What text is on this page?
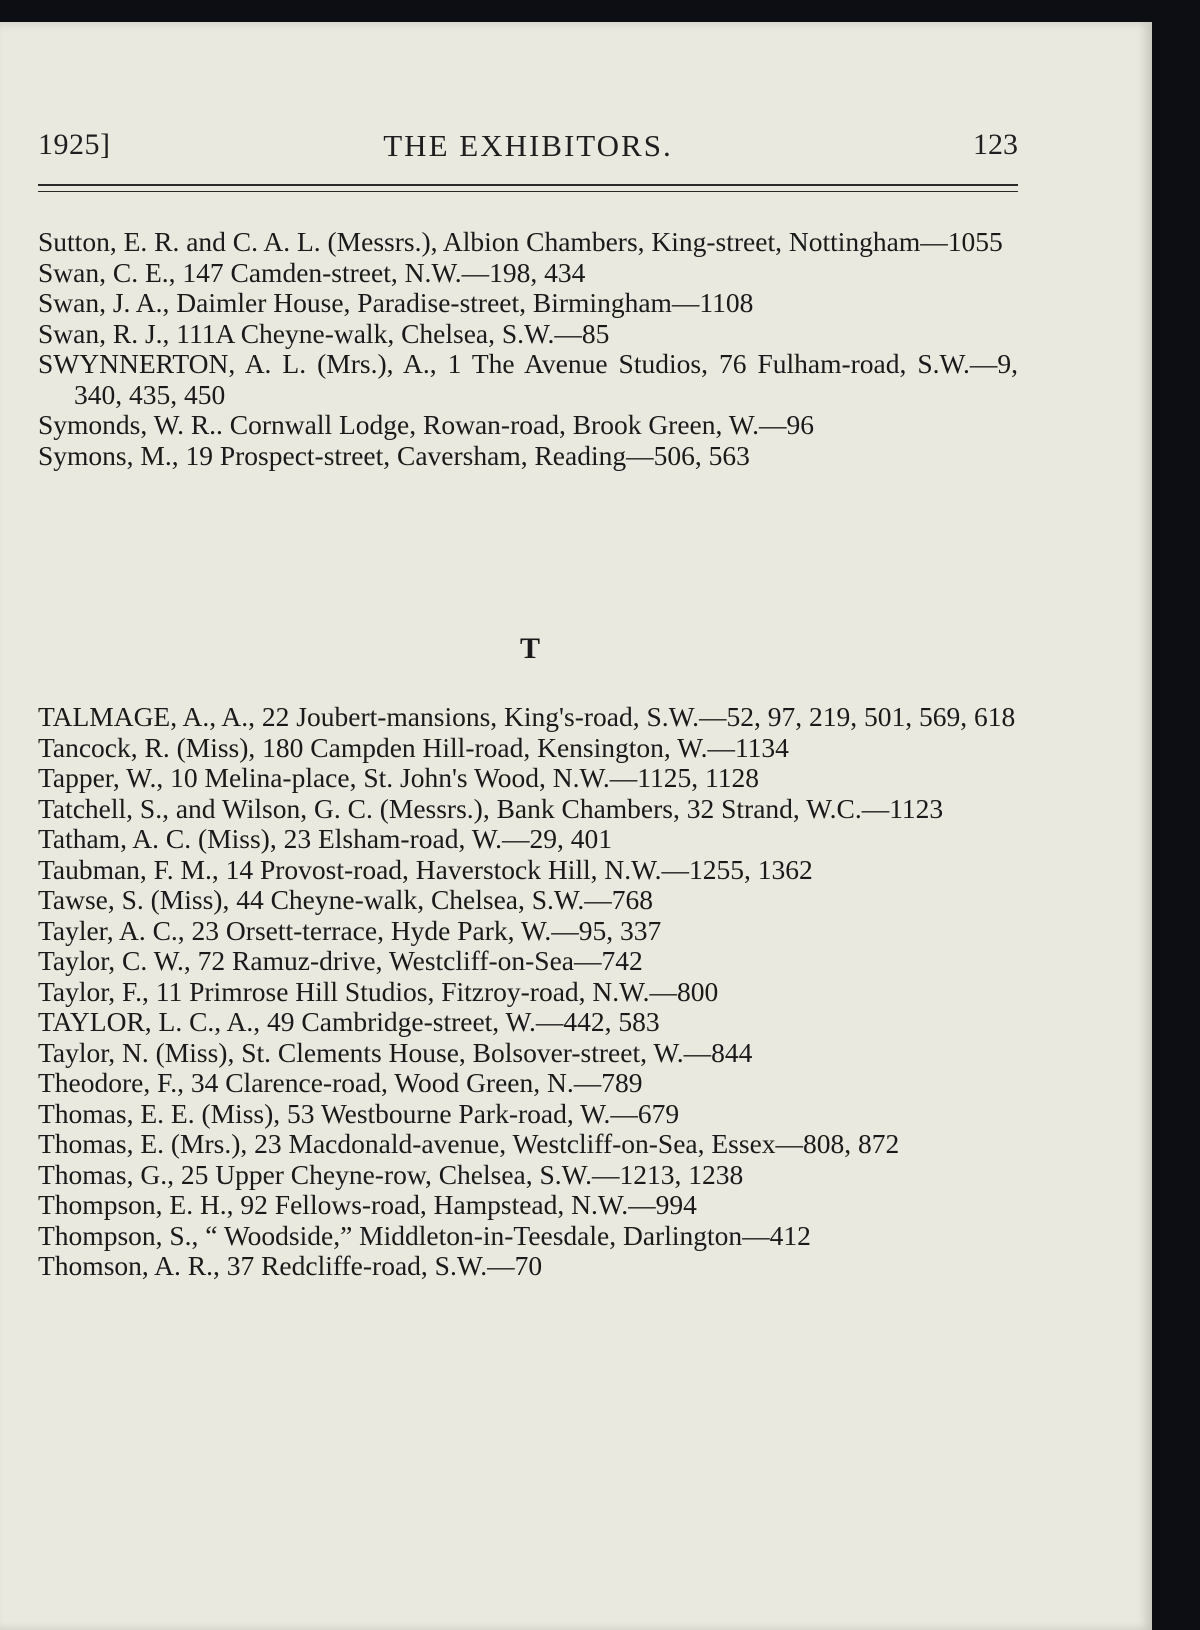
1925]	THE EXHIBITORS.	123

Sutton, E. R. and C. A. L. (Messrs.), Albion Chambers, King-street, Nottingham—1055

Swan, C. E., 147 Camden-street, N.W.—198, 434

Swan, J. A., Daimler House, Paradise-street, Birmingham—1108

Swan, R. J., 111A Cheyne-walk, Chelsea, S.W.—85

SWYNNERTON, A. L. (Mrs.), A., 1 The Avenue Studios, 76 Fulham-road, S.W.—9, 340, 435, 450

Symonds, W. R.. Cornwall Lodge, Rowan-road, Brook Green, W.—96

Symons, M., 19 Prospect-street, Caversham, Reading—506, 563

T

TALMAGE, A., A., 22 Joubert-mansions, King's-road, S.W.—52, 97, 219, 501, 569, 618

Tancock, R. (Miss), 180 Campden Hill-road, Kensington, W.—1134

Tapper, W., 10 Melina-place, St. John's Wood, N.W.—1125, 1128

Tatchell, S., and Wilson, G. C. (Messrs.), Bank Chambers, 32 Strand, W.C.—1123

Tatham, A. C. (Miss), 23 Elsham-road, W.—29, 401

Taubman, F. M., 14 Provost-road, Haverstock Hill, N.W.—1255, 1362

Tawse, S. (Miss), 44 Cheyne-walk, Chelsea, S.W.—768

Tayler, A. C., 23 Orsett-terrace, Hyde Park, W.—95, 337

Taylor, C. W., 72 Ramuz-drive, Westcliff-on-Sea—742

Taylor, F., 11 Primrose Hill Studios, Fitzroy-road, N.W.—800

TAYLOR, L. C., A., 49 Cambridge-street, W.—442, 583

Taylor, N. (Miss), St. Clements House, Bolsover-street, W.—844

Theodore, F., 34 Clarence-road, Wood Green, N.—789

Thomas, E. E. (Miss), 53 Westbourne Park-road, W.—679

Thomas, E. (Mrs.), 23 Macdonald-avenue, Westcliff-on-Sea, Essex—808, 872

Thomas, G., 25 Upper Cheyne-row, Chelsea, S.W.—1213, 1238

Thompson, E. H., 92 Fellows-road, Hampstead, N.W.—994

Thompson, S., “ Woodside,” Middleton-in-Teesdale, Darlington—412

Thomson, A. R., 37 Redcliffe-road, S.W.—70
